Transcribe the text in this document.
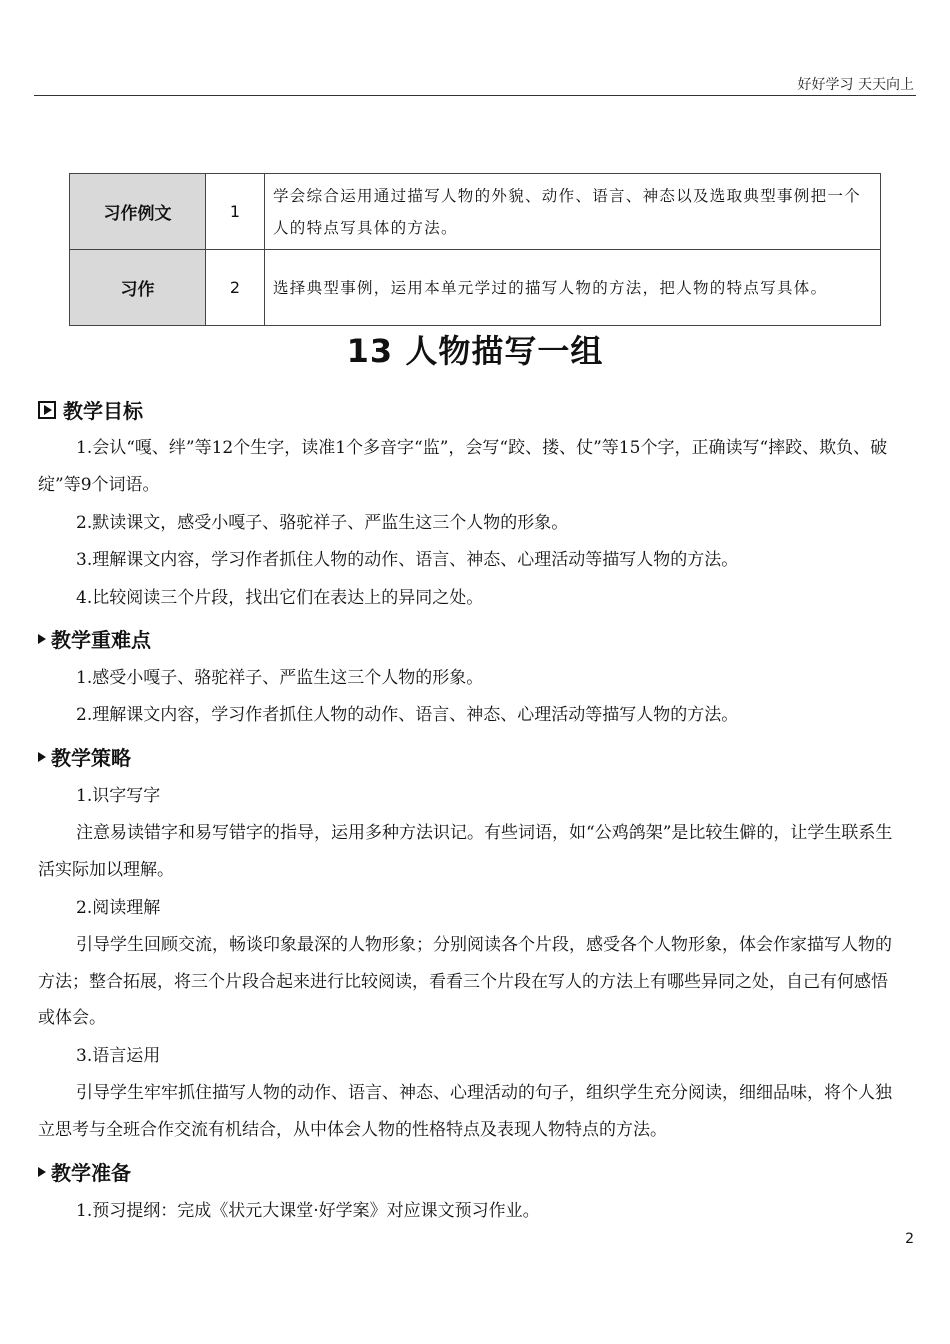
好好学习 天天向上
习作例文	1	学会综合运用通过描写人物的外貌、动作、语言、神态以及选取典型事例把一个人的特点写具体的方法。
习作	2	选择典型事例，运用本单元学过的描写人物的方法，把人物的特点写具体。
13 人物描写一组
教学目标
1.会认“嘎、绊”等12个生字，读准1个多音字“监”，会写“跤、搂、仗”等15个字，正确读写“摔跤、欺负、破绽”等9个词语。
2.默读课文，感受小嘎子、骆驼祥子、严监生这三个人物的形象。
3.理解课文内容，学习作者抓住人物的动作、语言、神态、心理活动等描写人物的方法。
4.比较阅读三个片段，找出它们在表达上的异同之处。
教学重难点
1.感受小嘎子、骆驼祥子、严监生这三个人物的形象。
2.理解课文内容，学习作者抓住人物的动作、语言、神态、心理活动等描写人物的方法。
教学策略
1.识字写字
注意易读错字和易写错字的指导，运用多种方法识记。有些词语，如“公鸡鸽架”是比较生僻的，让学生联系生活实际加以理解。
2.阅读理解
引导学生回顾交流，畅谈印象最深的人物形象；分别阅读各个片段，感受各个人物形象，体会作家描写人物的方法；整合拓展，将三个片段合起来进行比较阅读，看看三个片段在写人的方法上有哪些异同之处，自己有何感悟或体会。
3.语言运用
引导学生牢牢抓住描写人物的动作、语言、神态、心理活动的句子，组织学生充分阅读，细细品味，将个人独立思考与全班合作交流有机结合，从中体会人物的性格特点及表现人物特点的方法。
教学准备
1.预习提纲：完成《状元大课堂·好学案》对应课文预习作业。
2
